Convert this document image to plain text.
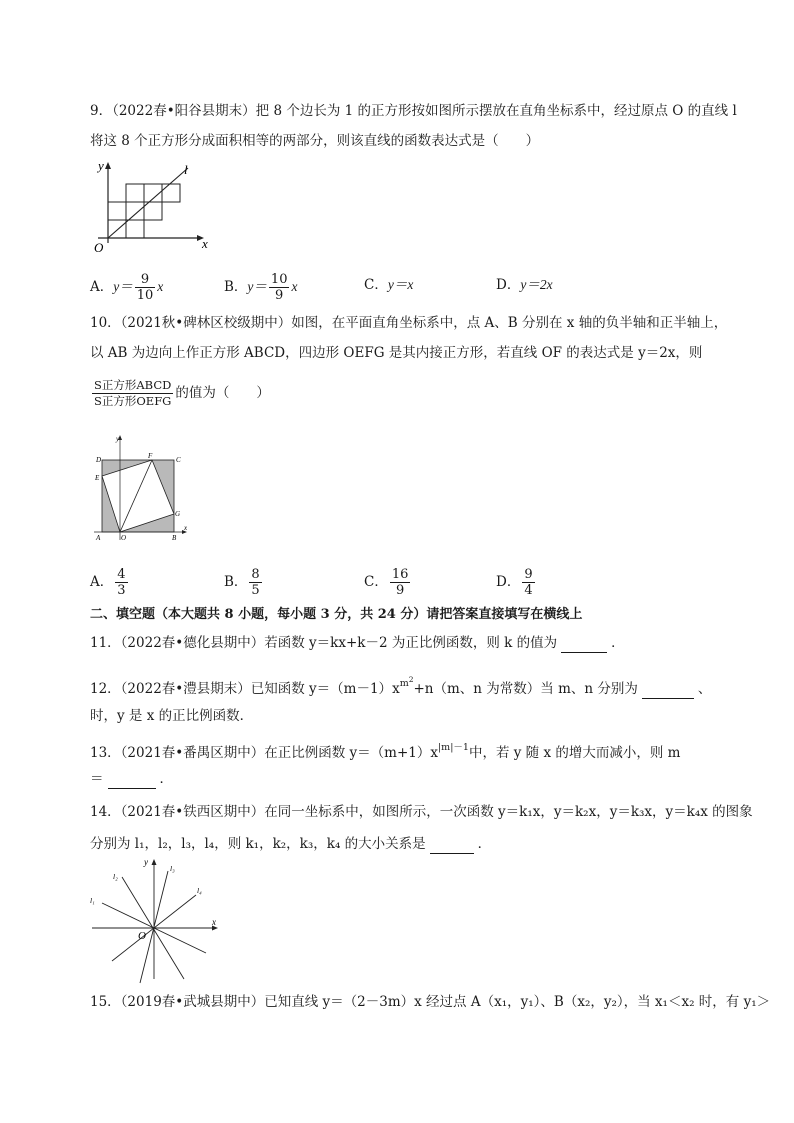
9．（2022春•阳谷县期末）把 8 个边长为 1 的正方形按如图所示摆放在直角坐标系中，经过原点 O 的直线 l
将这 8 个正方形分成面积相等的两部分，则该直线的函数表达式是（　　）
y	l
O	x
A．$y= \frac{9}{10}$ x	B．$y= \frac{10}{9}$ x	C．y＝x	D．y＝2x
10．（2021秋•碑林区校级期中）如图，在平面直角坐标系中，点 A、B 分别在 x 轴的负半轴和正半轴上，
以 AB 为边向上作正方形 ABCD，四边形 OEFG 是其内接正方形，若直线 OF 的表达式是 y＝2x，则
$\frac{\text{S正方形ABCD}}{\text{S正方形OEFG}}$ 的值为（　　）
y
x
D	C
F
E
G
A	O	B
A． $\frac{4}{3}$	B． $\frac{8}{5}$	C． $\frac{16}{9}$	D． $\frac{9}{4}$
二、填空题（本大题共 8 小题，每小题 3 分，共 24 分）请把答案直接填写在横线上
11．（2022春•德化县期中）若函数 y＝kx+k－2 为正比例函数，则 k 的值为	．
12．（2022春•澧县期末）已知函数 $y=(m-1)x^{m^2}+n(m$、n 为常数）当 m、n 分别为	、
时，y 是 x 的正比例函数．
13．（2021春•番禺区期中）在正比例函数 $y=(m+1)x^{|m|-1}$中，若 y 随 x 的增大而减小，则 m
＝	．
14．（2021春•铁西区期中）在同一坐标系中，如图所示，一次函数 y＝k₁x，y＝k₂x，y＝k₃x，y＝k₄x 的图象
分别为 l₁，l₂，l₃，l₄，则 k₁，k₂，k₃，k₄ 的大小关系是	．
y
x
O
l₁
l₂
l₃
l₄
15．（2019春•武城县期中）已知直线 y＝（2－3m）x 经过点 A（x₁，y₁）、B（x₂，y₂），当 x₁＜x₂ 时，有 y₁＞
